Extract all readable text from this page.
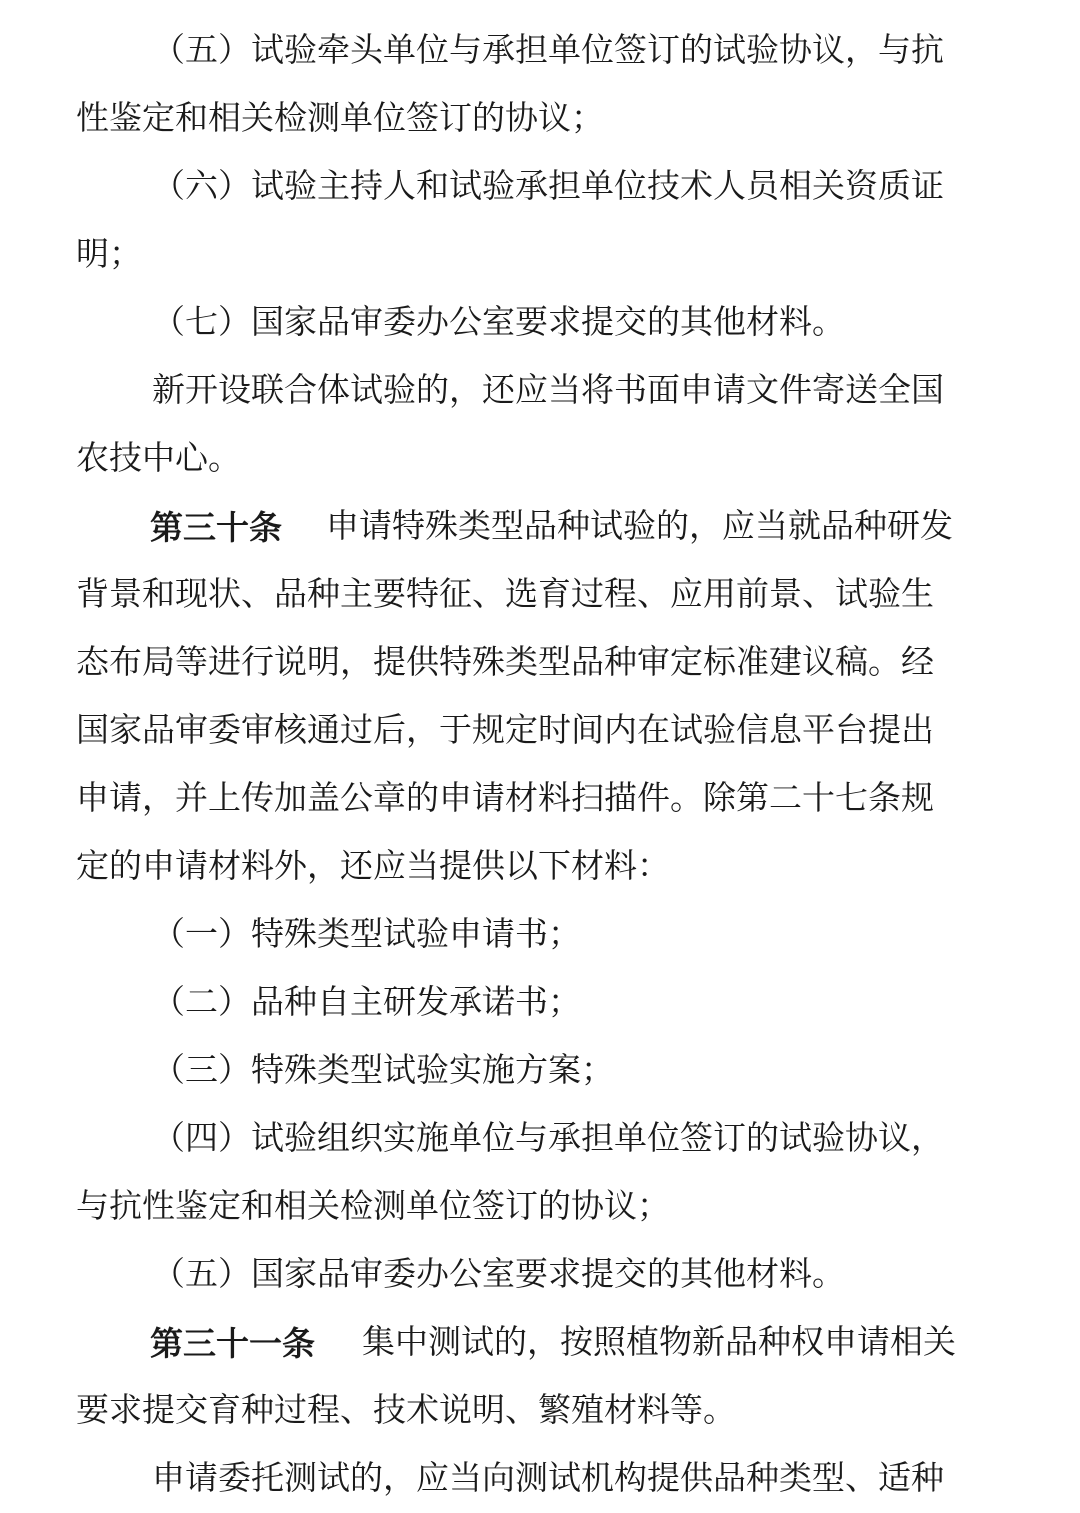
（五）试验牵头单位与承担单位签订的试验协议，与抗
性鉴定和相关检测单位签订的协议；
（六）试验主持人和试验承担单位技术人员相关资质证
明；
（七）国家品审委办公室要求提交的其他材料。
新开设联合体试验的，还应当将书面申请文件寄送全国
农技中心。
第三十条 申请特殊类型品种试验的，应当就品种研发
背景和现状、品种主要特征、选育过程、应用前景、试验生
态布局等进行说明，提供特殊类型品种审定标准建议稿。经
国家品审委审核通过后，于规定时间内在试验信息平台提出
申请，并上传加盖公章的申请材料扫描件。除第二十七条规
定的申请材料外，还应当提供以下材料：
（一）特殊类型试验申请书；
（二）品种自主研发承诺书；
（三）特殊类型试验实施方案；
（四）试验组织实施单位与承担单位签订的试验协议，
与抗性鉴定和相关检测单位签订的协议；
（五）国家品审委办公室要求提交的其他材料。
第三十一条 集中测试的，按照植物新品种权申请相关
要求提交育种过程、技术说明、繁殖材料等。
申请委托测试的，应当向测试机构提供品种类型、适种
